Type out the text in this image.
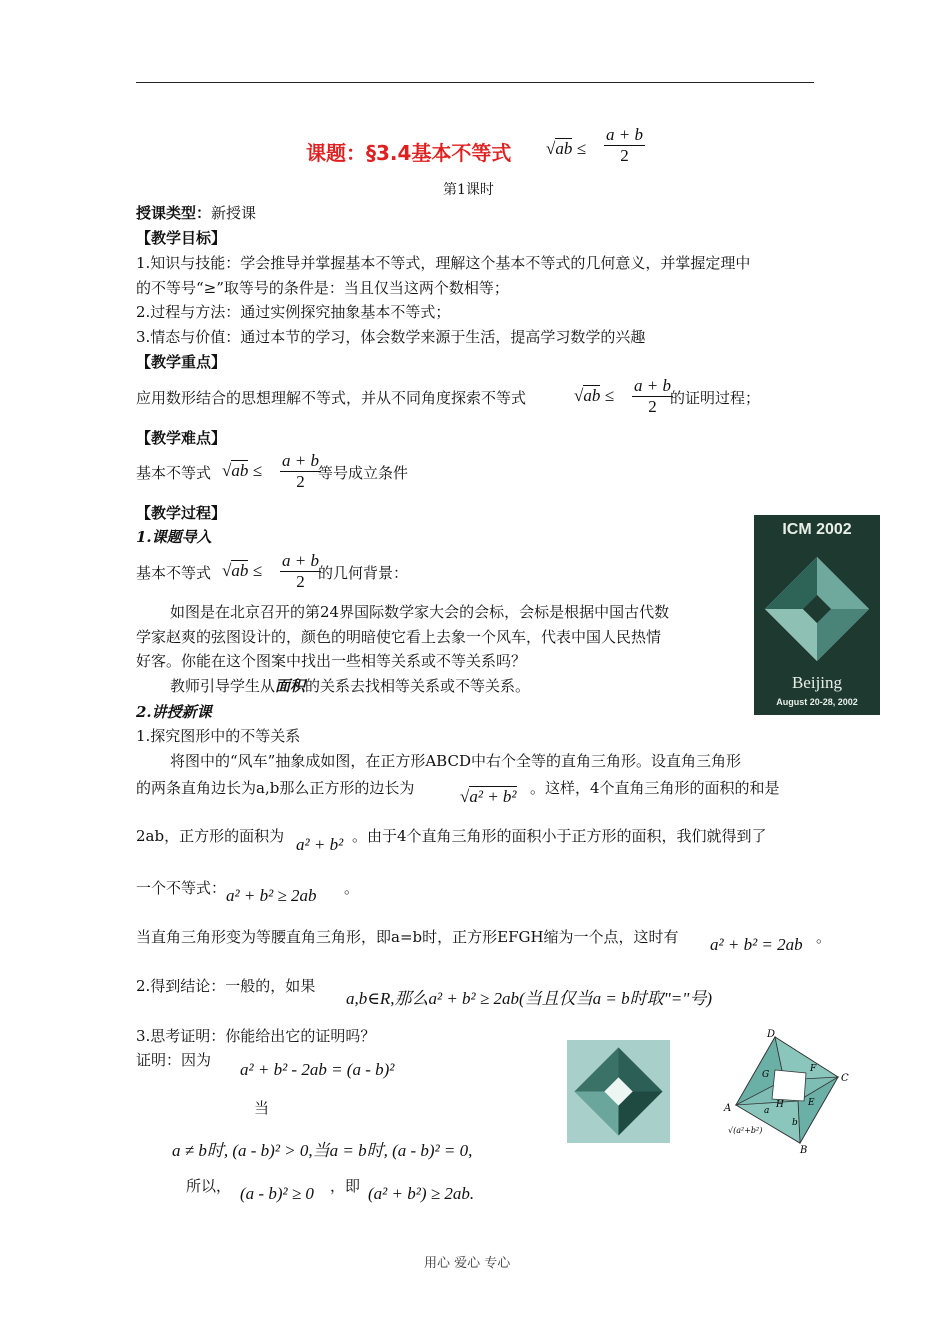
课题：§3.4基本不等式 $√ab \le \frac{a + b}{2}$
第1课时
授课类型：新授课
【教学目标】
1.知识与技能：学会推导并掌握基本不等式，理解这个基本不等式的几何意义，并掌握定理中
的不等号“≥”取等号的条件是：当且仅当这两个数相等；
2.过程与方法：通过实例探究抽象基本不等式；
3.情态与价值：通过本节的学习，体会数学来源于生活，提高学习数学的兴趣
【教学重点】
应用数形结合的思想理解不等式，并从不同角度探索不等式	$√ab \le \frac{a + b}{2}$
的证明过程；
【教学难点】
基本不等式 $√ab \le \frac{a + b}{2}$
等号成立条件
【教学过程】
1.课题导入
基本不等式 $√ab \le \frac{a + b}{2}$
的几何背景：
如图是在北京召开的第24界国际数学家大会的会标，会标是根据中国古代数
学家赵爽的弦图设计的，颜色的明暗使它看上去象一个风车，代表中国人民热情
好客。你能在这个图案中找出一些相等关系或不等关系吗？
教师引导学生从面积的关系去找相等关系或不等关系。
ICM 2002
Beijing
August 20-28, 2002
2.讲授新课
1.探究图形中的不等关系
将图中的“风车”抽象成如图，在正方形ABCD中右个全等的直角三角形。设直角三角形
的两条直角边长为a,b那么正方形的边长为	√a² + b² 。这样，4个直角三角形的面积的和是
2ab，正方形的面积为 a² + b² 。由于4个直角三角形的面积小于正方形的面积，我们就得到了
一个不等式： a² + b² ≥ 2ab 。
当直角三角形变为等腰直角三角形，即a=b时，正方形EFGH缩为一个点，这时有 a² + b² = 2ab 。
2.得到结论：一般的，如果
a,b∈R,那么a² + b² ≥ 2ab(当且仅当a = b时取"="号)
3.思考证明：你能给出它的证明吗？
证明：因为 a² + b² - 2ab = (a - b)²
当
a ≠ b时, (a - b)² > 0,当a = b时, (a - b)² = 0,
所以， (a - b)² ≥ 0 ，即 (a² + b²) ≥ 2ab.
D
C
A
B
G
F
H	E
a
b
√(a²+b²)
用心 爱心 专心
